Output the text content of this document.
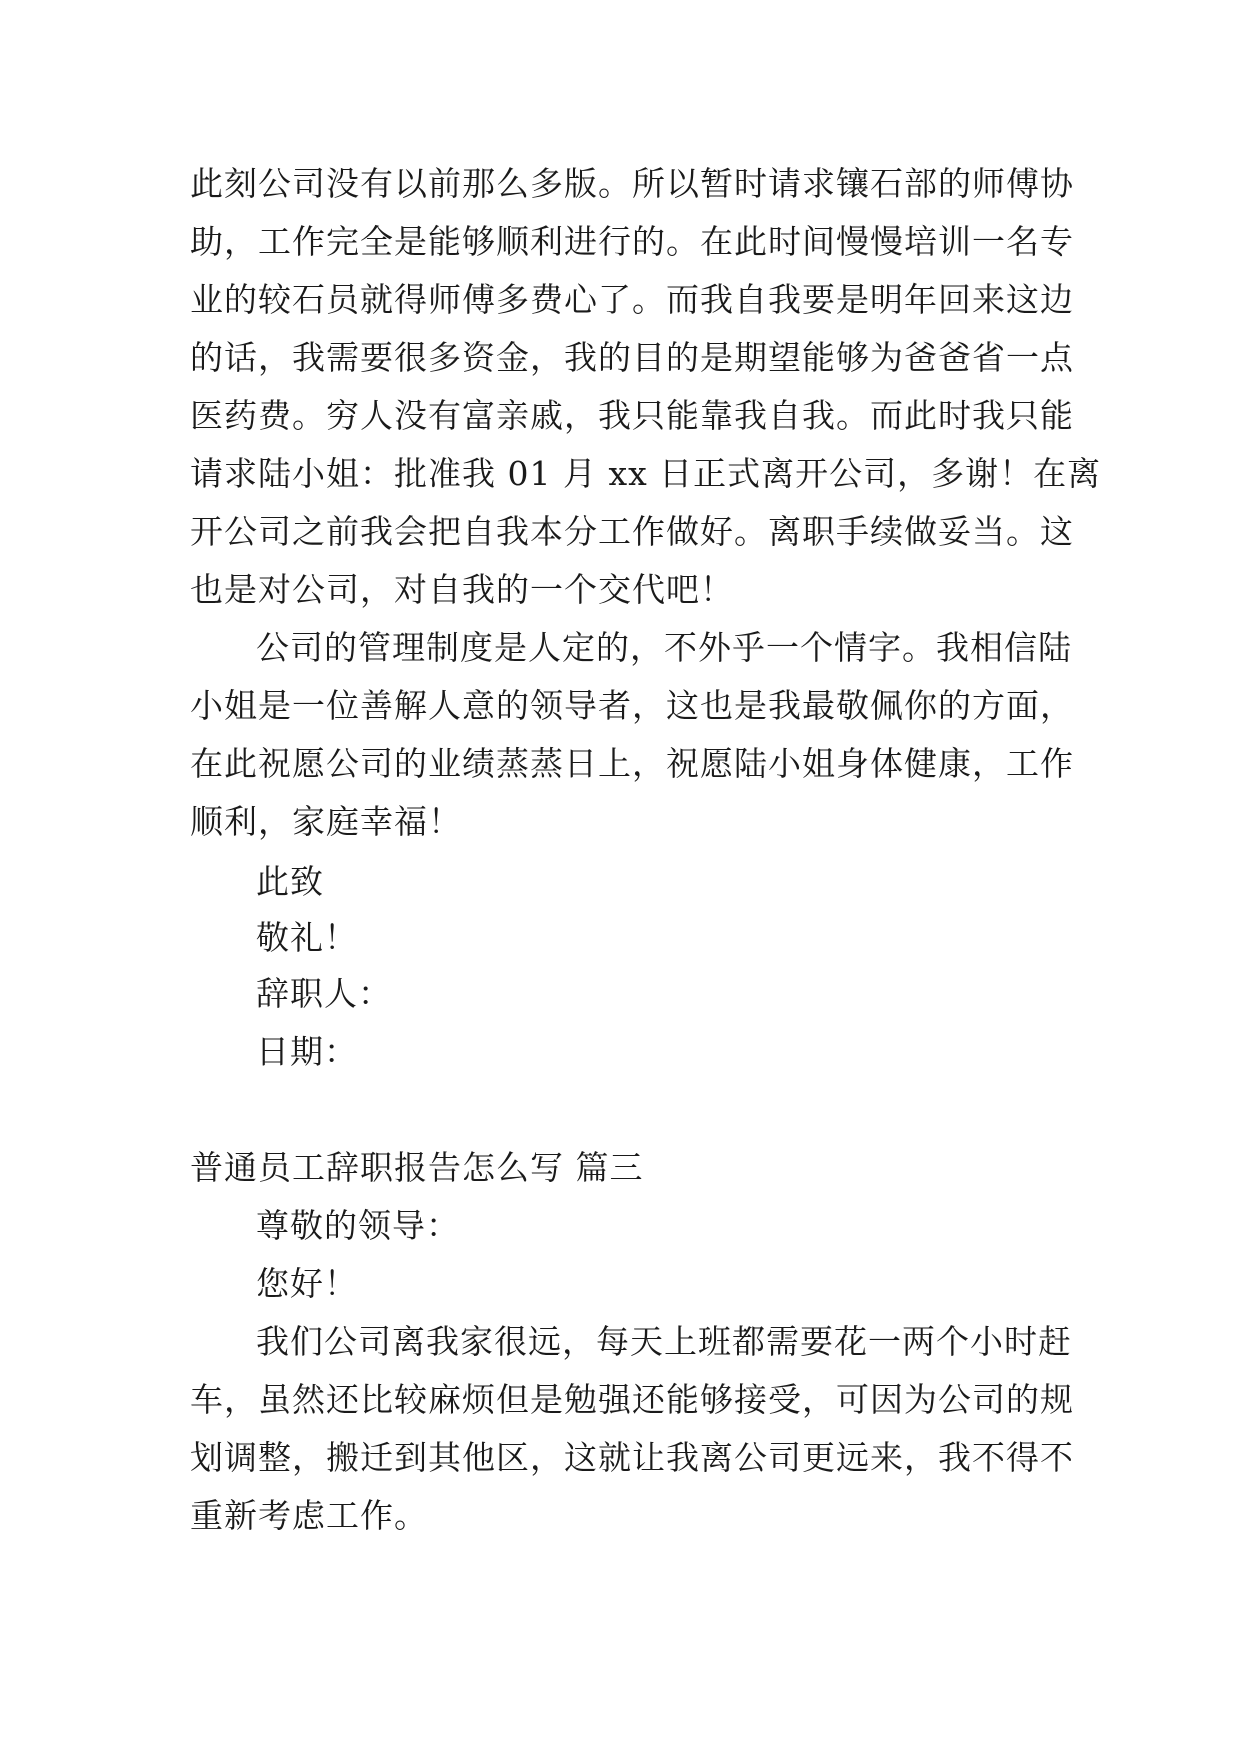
此刻公司没有以前那么多版。所以暂时请求镶石部的师傅协
助，工作完全是能够顺利进行的。在此时间慢慢培训一名专
业的较石员就得师傅多费心了。而我自我要是明年回来这边
的话，我需要很多资金，我的目的是期望能够为爸爸省一点
医药费。穷人没有富亲戚，我只能靠我自我。而此时我只能
请求陆小姐：批准我 01 月 xx 日正式离开公司，多谢！在离
开公司之前我会把自我本分工作做好。离职手续做妥当。这
也是对公司，对自我的一个交代吧！
公司的管理制度是人定的，不外乎一个情字。我相信陆
小姐是一位善解人意的领导者，这也是我最敬佩你的方面，
在此祝愿公司的业绩蒸蒸日上，祝愿陆小姐身体健康，工作
顺利，家庭幸福！
此致
敬礼！
辞职人：
日期：
普通员工辞职报告怎么写 篇三
尊敬的领导：
您好！
我们公司离我家很远，每天上班都需要花一两个小时赶
车，虽然还比较麻烦但是勉强还能够接受，可因为公司的规
划调整，搬迁到其他区，这就让我离公司更远来，我不得不
重新考虑工作。
